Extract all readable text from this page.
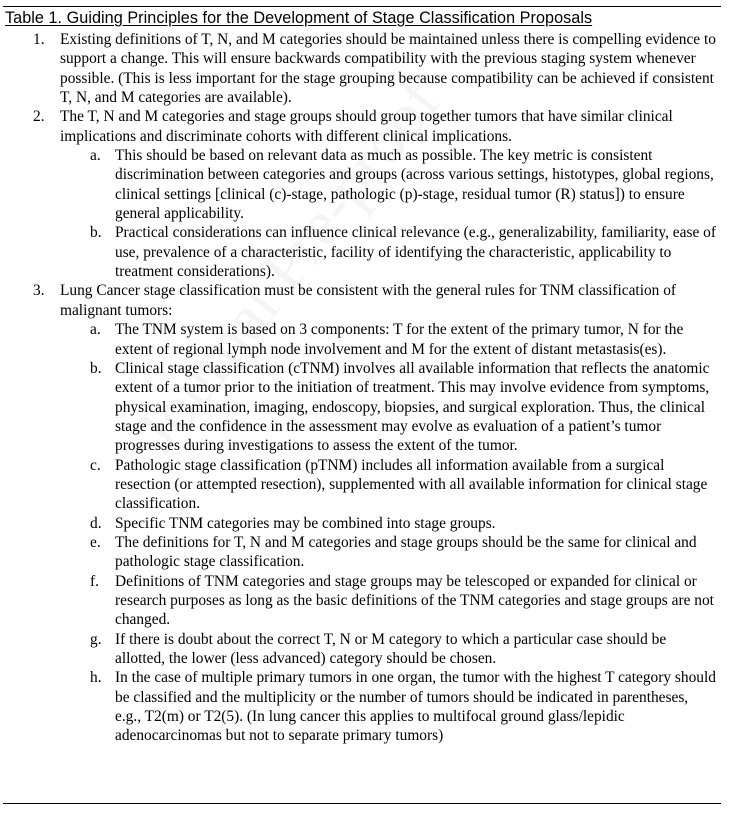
Table 1. Guiding Principles for the Development of Stage Classification Proposals
1. Existing definitions of T, N, and M categories should be maintained unless there is compelling evidence to support a change. This will ensure backwards compatibility with the previous staging system whenever possible. (This is less important for the stage grouping because compatibility can be achieved if consistent T, N, and M categories are available).
2. The T, N and M categories and stage groups should group together tumors that have similar clinical implications and discriminate cohorts with different clinical implications.
a. This should be based on relevant data as much as possible. The key metric is consistent discrimination between categories and groups (across various settings, histotypes, global regions, clinical settings [clinical (c)-stage, pathologic (p)-stage, residual tumor (R) status]) to ensure general applicability.
b. Practical considerations can influence clinical relevance (e.g., generalizability, familiarity, ease of use, prevalence of a characteristic, facility of identifying the characteristic, applicability to treatment considerations).
3. Lung Cancer stage classification must be consistent with the general rules for TNM classification of malignant tumors:
a. The TNM system is based on 3 components: T for the extent of the primary tumor, N for the extent of regional lymph node involvement and M for the extent of distant metastasis(es).
b. Clinical stage classification (cTNM) involves all available information that reflects the anatomic extent of a tumor prior to the initiation of treatment. This may involve evidence from symptoms, physical examination, imaging, endoscopy, biopsies, and surgical exploration. Thus, the clinical stage and the confidence in the assessment may evolve as evaluation of a patient’s tumor progresses during investigations to assess the extent of the tumor.
c. Pathologic stage classification (pTNM) includes all information available from a surgical resection (or attempted resection), supplemented with all available information for clinical stage classification.
d. Specific TNM categories may be combined into stage groups.
e. The definitions for T, N and M categories and stage groups should be the same for clinical and pathologic stage classification.
f. Definitions of TNM categories and stage groups may be telescoped or expanded for clinical or research purposes as long as the basic definitions of the TNM categories and stage groups are not changed.
g. If there is doubt about the correct T, N or M category to which a particular case should be allotted, the lower (less advanced) category should be chosen.
h. In the case of multiple primary tumors in one organ, the tumor with the highest T category should be classified and the multiplicity or the number of tumors should be indicated in parentheses, e.g., T2(m) or T2(5). (In lung cancer this applies to multifocal ground glass/lepidic adenocarcinomas but not to separate primary tumors)
